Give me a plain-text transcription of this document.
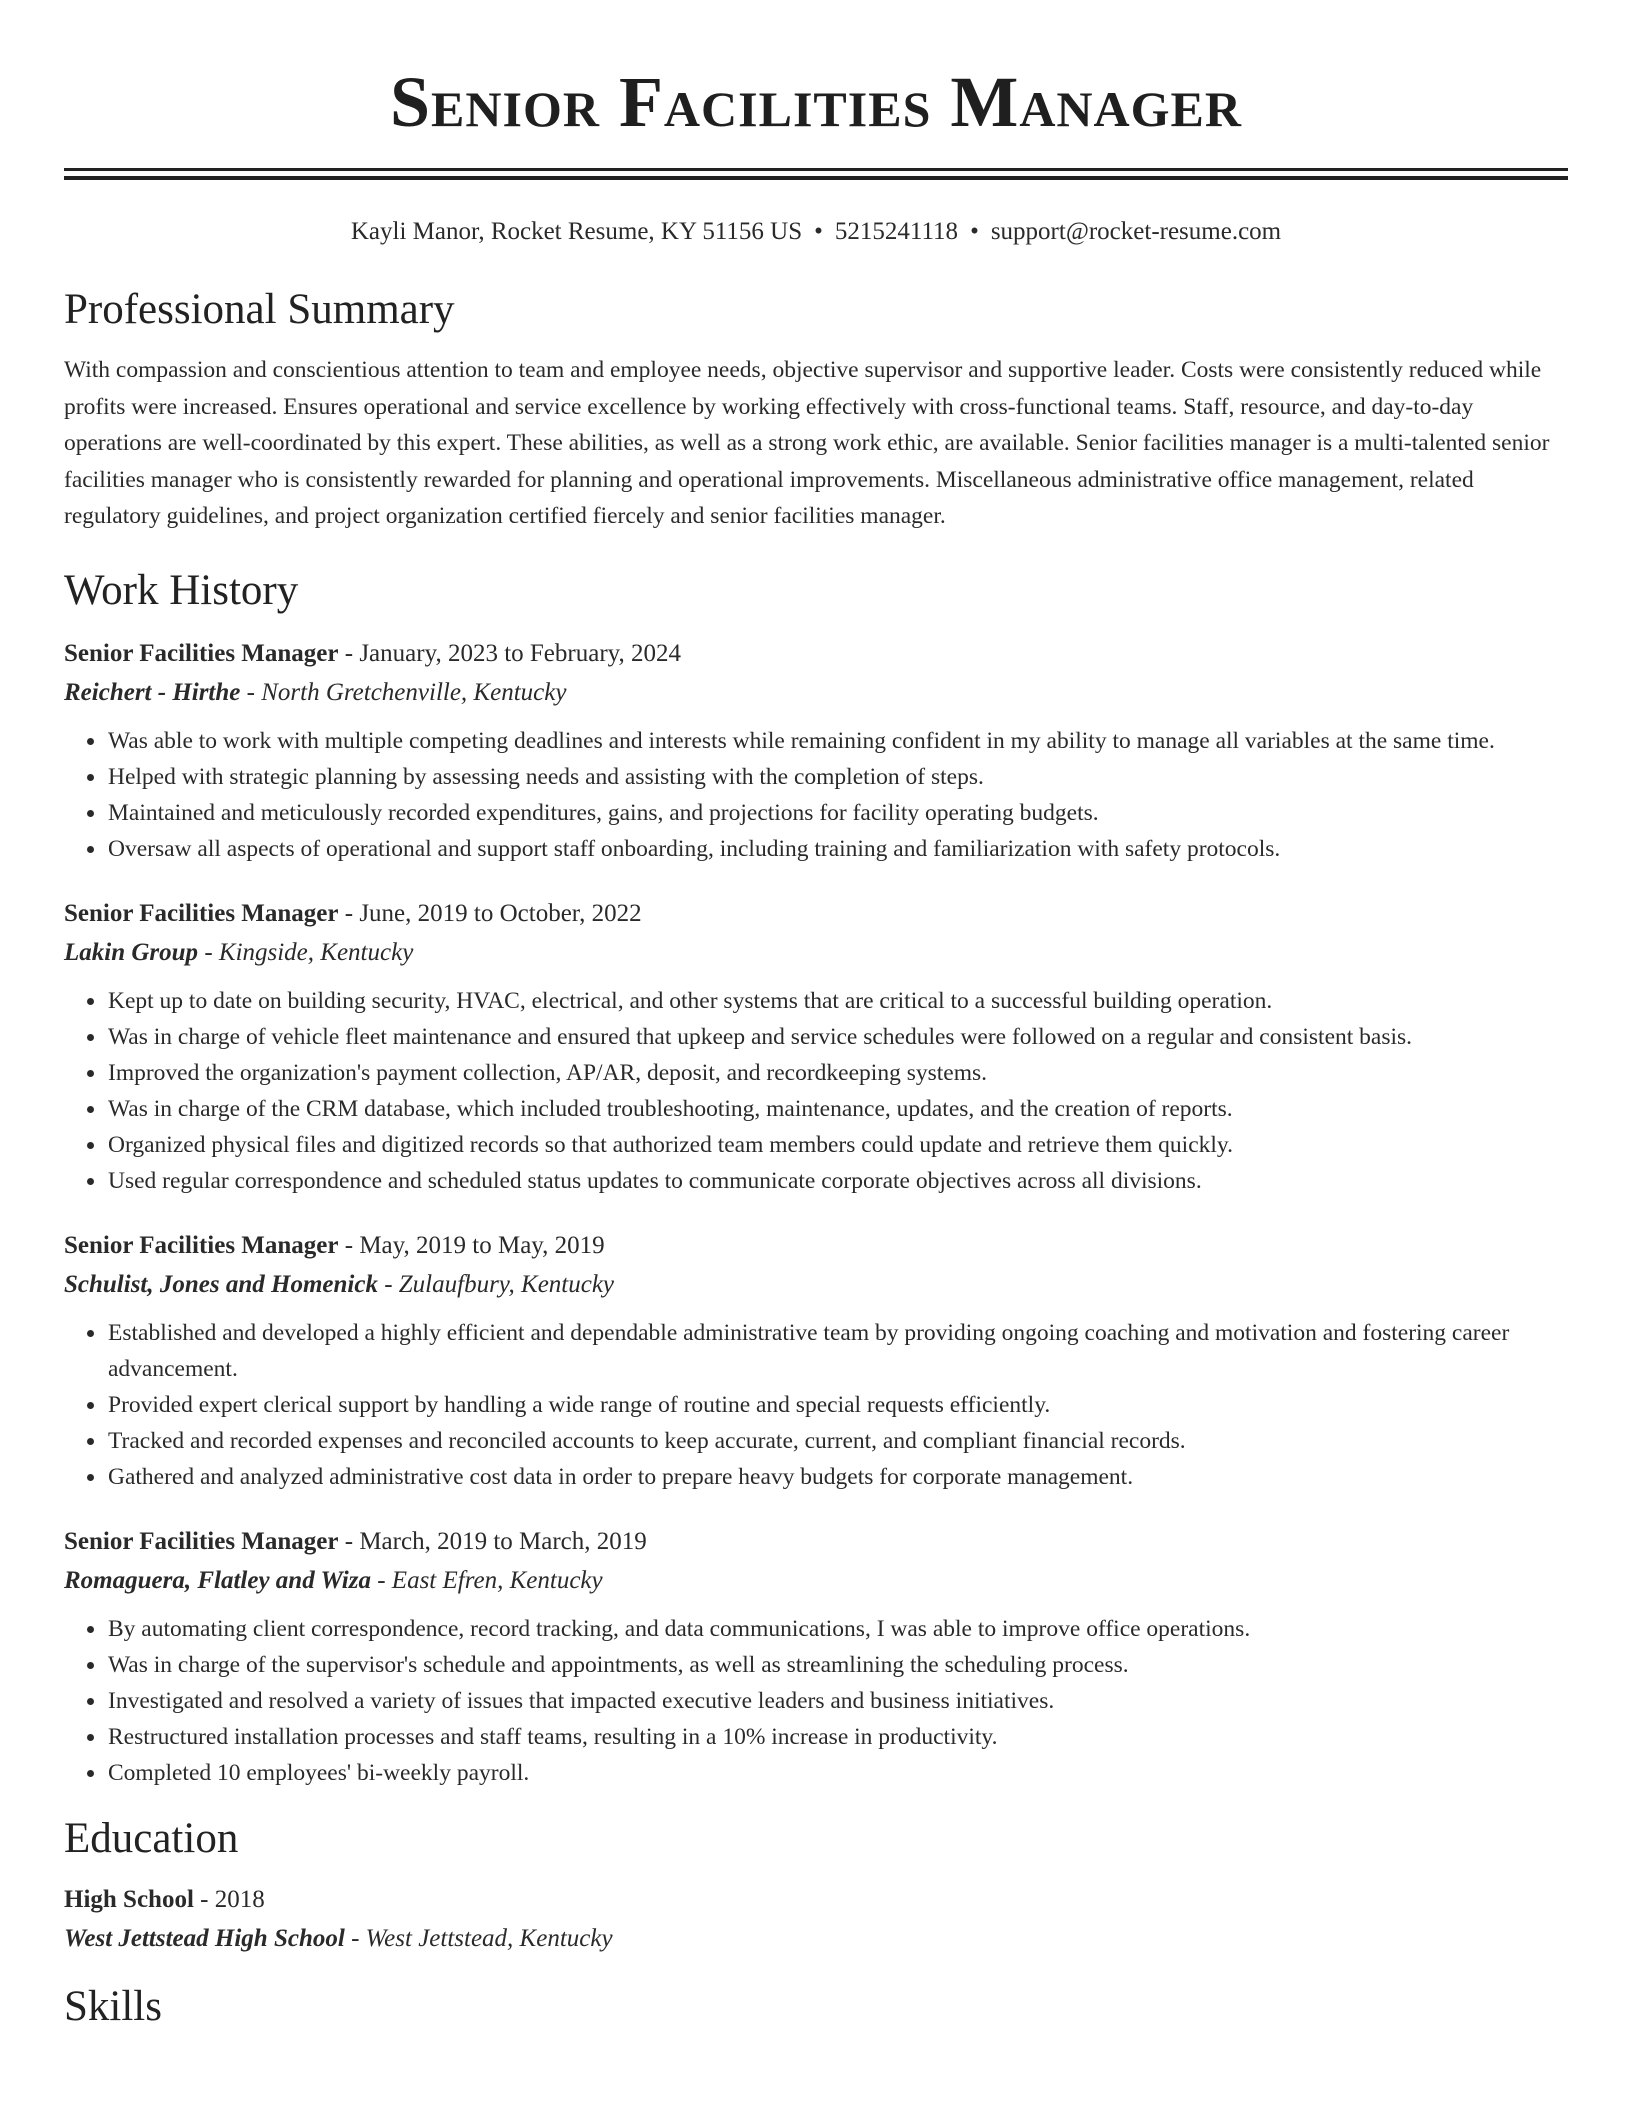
Senior Facilities Manager
Kayli Manor, Rocket Resume, KY 51156 US • 5215241118 • support@rocket-resume.com
Professional Summary
With compassion and conscientious attention to team and employee needs, objective supervisor and supportive leader. Costs were consistently reduced while profits were increased. Ensures operational and service excellence by working effectively with cross-functional teams. Staff, resource, and day-to-day operations are well-coordinated by this expert. These abilities, as well as a strong work ethic, are available. Senior facilities manager is a multi-talented senior facilities manager who is consistently rewarded for planning and operational improvements. Miscellaneous administrative office management, related regulatory guidelines, and project organization certified fiercely and senior facilities manager.
Work History
Senior Facilities Manager - January, 2023 to February, 2024
Reichert - Hirthe - North Gretchenville, Kentucky
• Was able to work with multiple competing deadlines and interests while remaining confident in my ability to manage all variables at the same time.
• Helped with strategic planning by assessing needs and assisting with the completion of steps.
• Maintained and meticulously recorded expenditures, gains, and projections for facility operating budgets.
• Oversaw all aspects of operational and support staff onboarding, including training and familiarization with safety protocols.
Senior Facilities Manager - June, 2019 to October, 2022
Lakin Group - Kingside, Kentucky
• Kept up to date on building security, HVAC, electrical, and other systems that are critical to a successful building operation.
• Was in charge of vehicle fleet maintenance and ensured that upkeep and service schedules were followed on a regular and consistent basis.
• Improved the organization's payment collection, AP/AR, deposit, and recordkeeping systems.
• Was in charge of the CRM database, which included troubleshooting, maintenance, updates, and the creation of reports.
• Organized physical files and digitized records so that authorized team members could update and retrieve them quickly.
• Used regular correspondence and scheduled status updates to communicate corporate objectives across all divisions.
Senior Facilities Manager - May, 2019 to May, 2019
Schulist, Jones and Homenick - Zulaufbury, Kentucky
• Established and developed a highly efficient and dependable administrative team by providing ongoing coaching and motivation and fostering career advancement.
• Provided expert clerical support by handling a wide range of routine and special requests efficiently.
• Tracked and recorded expenses and reconciled accounts to keep accurate, current, and compliant financial records.
• Gathered and analyzed administrative cost data in order to prepare heavy budgets for corporate management.
Senior Facilities Manager - March, 2019 to March, 2019
Romaguera, Flatley and Wiza - East Efren, Kentucky
• By automating client correspondence, record tracking, and data communications, I was able to improve office operations.
• Was in charge of the supervisor's schedule and appointments, as well as streamlining the scheduling process.
• Investigated and resolved a variety of issues that impacted executive leaders and business initiatives.
• Restructured installation processes and staff teams, resulting in a 10% increase in productivity.
• Completed 10 employees' bi-weekly payroll.
Education
High School - 2018
West Jettstead High School - West Jettstead, Kentucky
Skills
